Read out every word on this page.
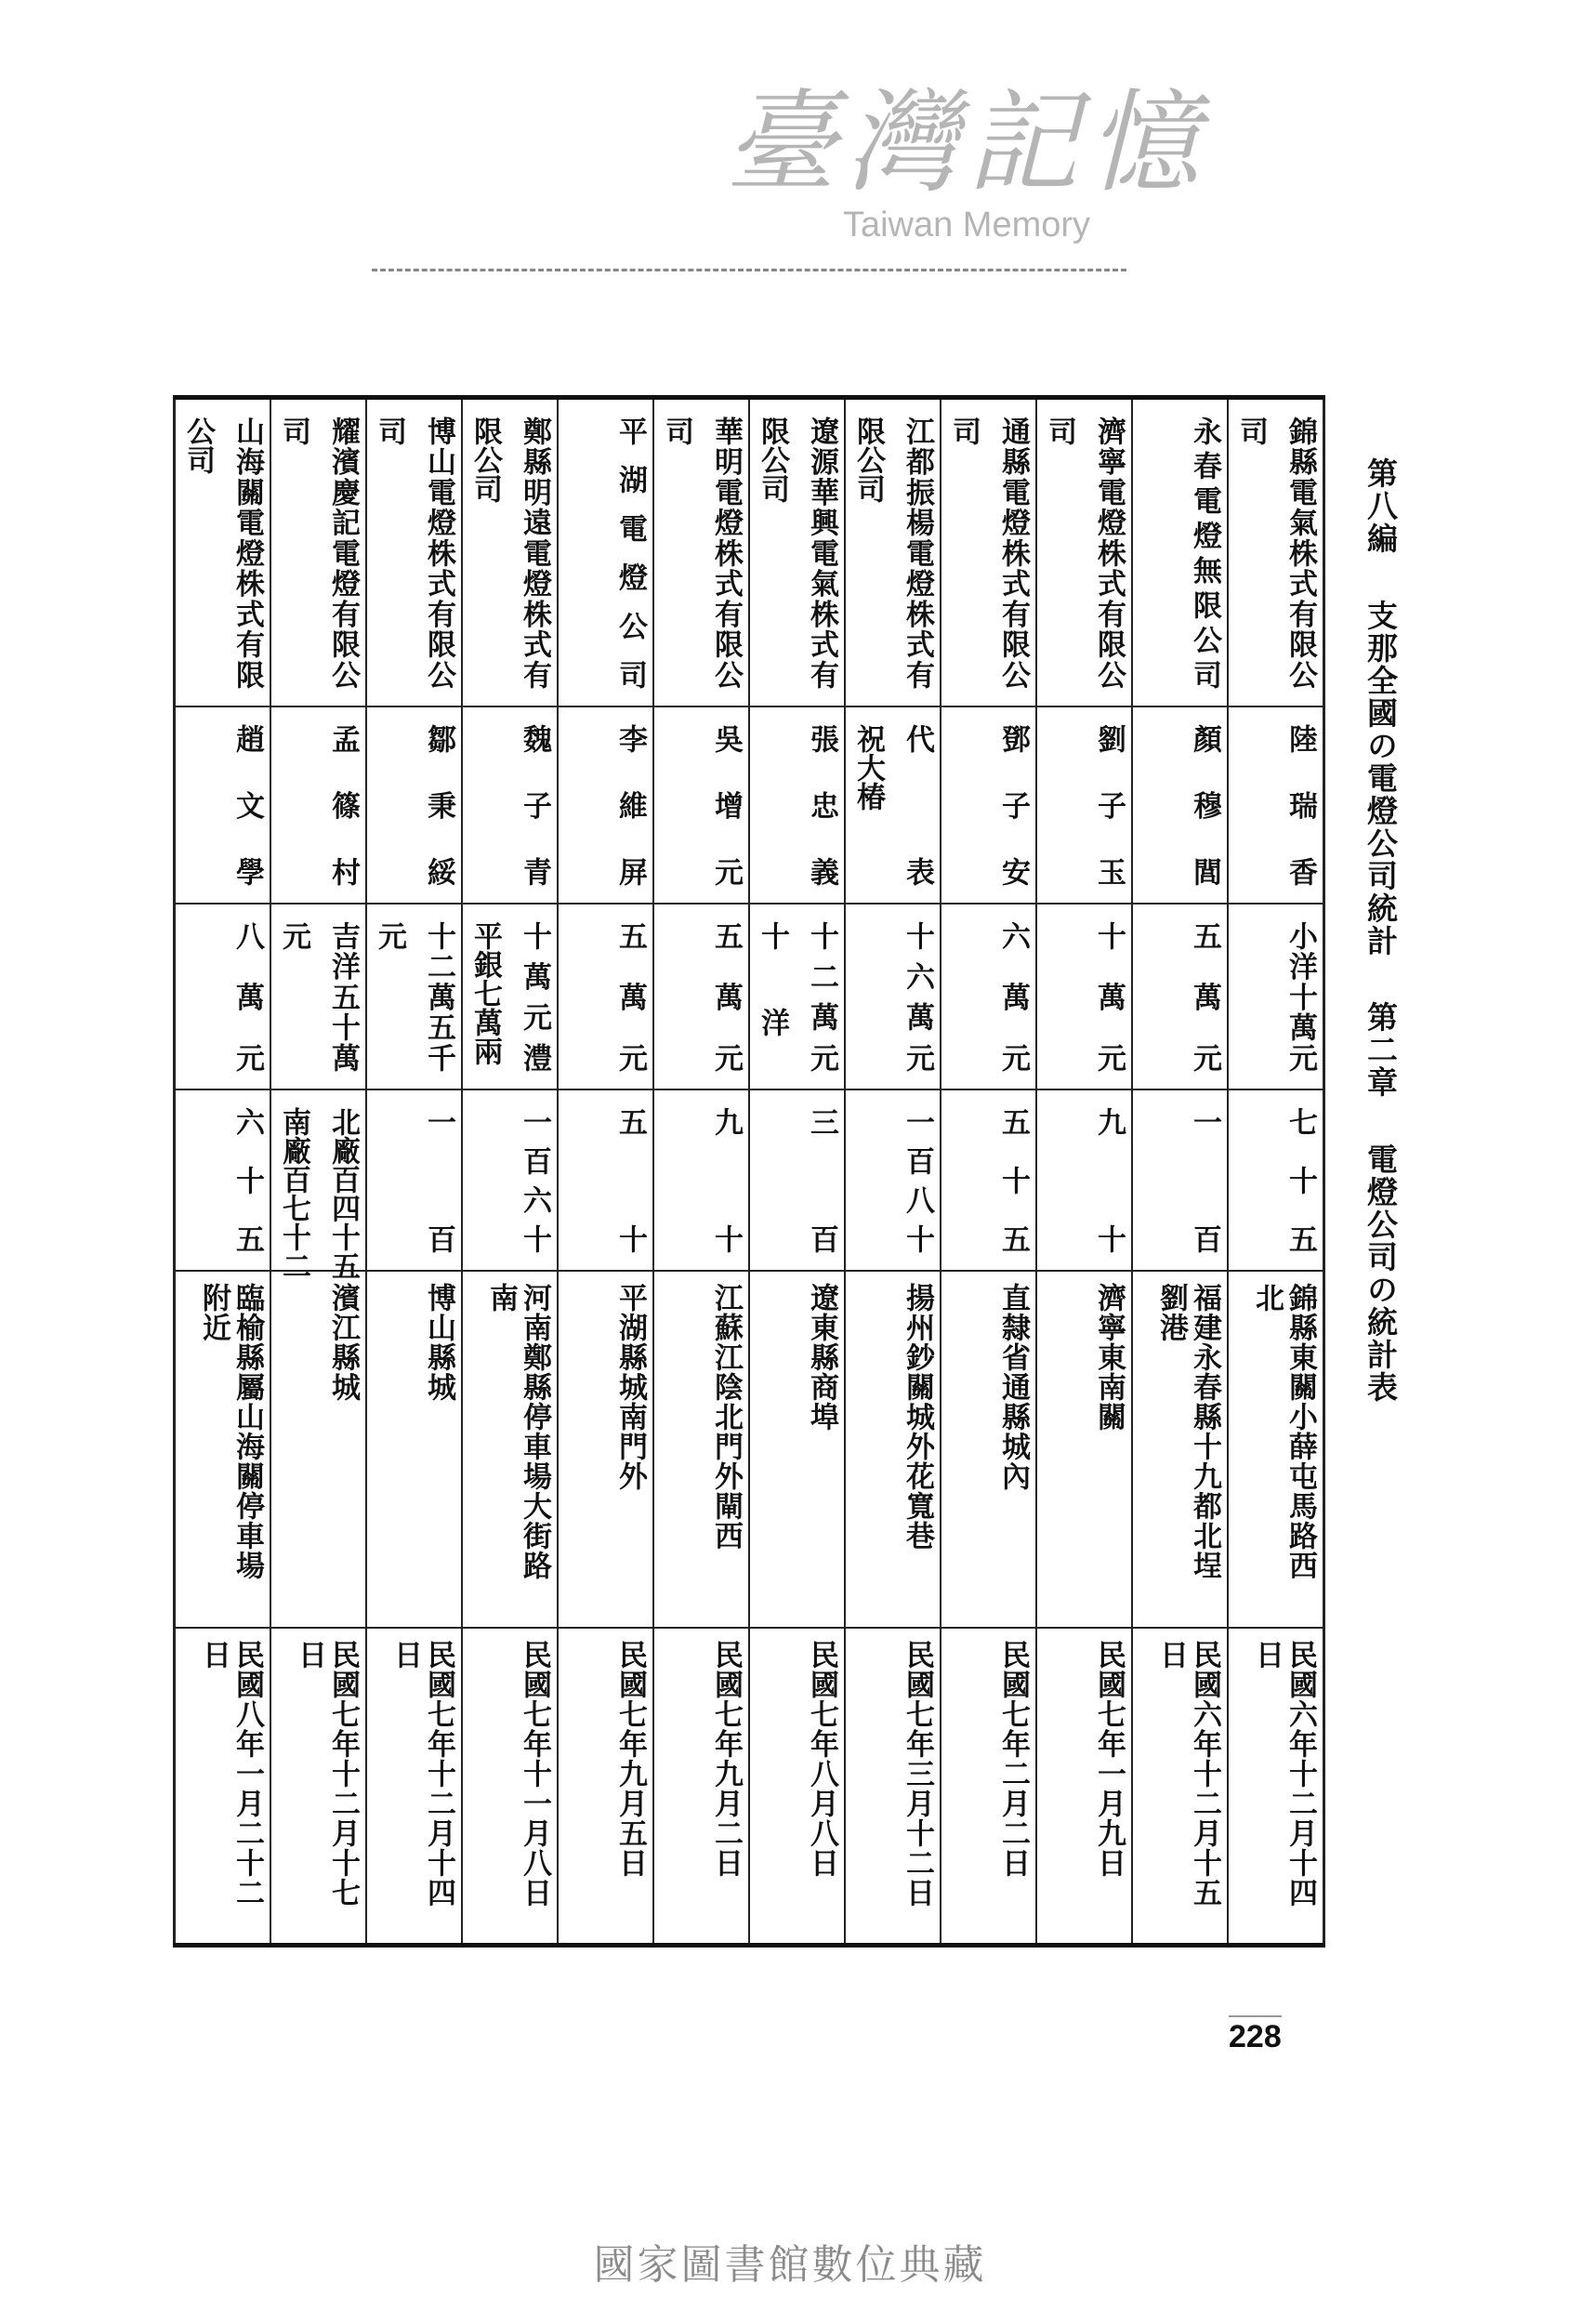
第八編 支那全國の電燈公司統計 第二章 電燈公司の統計表
錦縣電氣株式有限公
司
陸瑞香
小洋十萬元
七十五
錦縣東關小薛屯馬路西
北
民國六年十二月十四
日
永春電燈無限公司
顏穆閭
五萬元
一百
福建永春縣十九都北埕
劉港
民國六年十二月十五
日
濟寧電燈株式有限公
司
劉子玉
十萬元
九十
濟寧東南關
民國七年一月九日
通縣電燈株式有限公
司
鄧子安
六萬元
五十五
直隸省通縣城內
民國七年二月二日
江都振楊電燈株式有
限公司
代表
祝大椿
十六萬元
一百八十
揚州鈔關城外花寬巷
民國七年三月十二日
遼源華興電氣株式有
限公司
張忠義
十二萬元
十　　洋
三百
遼東縣商埠
民國七年八月八日
華明電燈株式有限公
司
吳增元
五萬元
九十
江蘇江陰北門外閘西
民國七年九月二日
平湖電燈公司
李維屏
五萬元
五十
平湖縣城南門外
民國七年九月五日
鄭縣明遠電燈株式有
限公司
魏子青
十萬元澧
平銀七萬兩
一百六十
河南鄭縣停車場大街路
南
民國七年十一月八日
博山電燈株式有限公
司
鄒秉綏
十二萬五千
元
一　　百
博山縣城
民國七年十二月十四
日
耀濱慶記電燈有限公
司
孟篠村
吉洋五十萬
元
北廠百四十五
南廠百七十二
濱江縣城
民國七年十二月十七
日
山海關電燈株式有限
公司
趙文學
八萬元
六十五
臨榆縣屬山海關停車場
附近
民國八年一月二十二
日
臺灣記憶
Taiwan Memory
228
國家圖書館數位典藏
